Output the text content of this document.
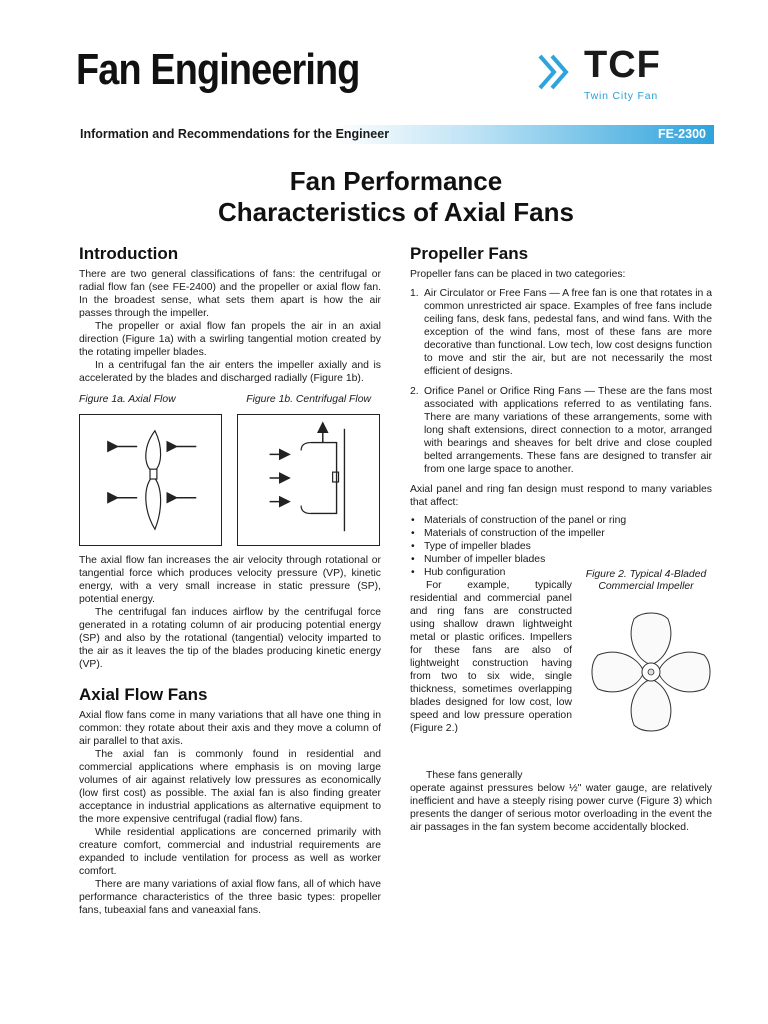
Fan Engineering	TCF
Twin City Fan
Information and Recommendations for the Engineer	FE-2300
Fan Performance
Characteristics of Axial Fans
Introduction

There are two general classifications of fans: the centrifugal or radial flow fan (see FE-2400) and the propeller or axial flow fan. In the broadest sense, what sets them apart is how the air passes through the impeller.

The propeller or axial flow fan propels the air in an axial direction (Figure 1a) with a swirling tangential motion created by the rotating impeller blades.

In a centrifugal fan the air enters the impeller axially and is accelerated by the blades and discharged radially (Figure 1b).

Figure 1a. Axial Flow	Figure 1b. Centrifugal Flow

The axial flow fan increases the air velocity through rotational or tangential force which produces velocity pressure (VP), kinetic energy, with a very small increase in static pressure (SP), potential energy.

The centrifugal fan induces airflow by the centrifugal force generated in a rotating column of air producing potential energy (SP) and also by the rotational (tangential) velocity imparted to the air as it leaves the tip of the blades producing kinetic energy (VP).

Axial Flow Fans

Axial flow fans come in many variations that all have one thing in common: they rotate about their axis and they move a column of air parallel to that axis.

The axial fan is commonly found in residential and commercial applications where emphasis is on moving large volumes of air against relatively low pressures as economically (low first cost) as possible. The axial fan is also finding greater acceptance in industrial applications as alternative equipment to the more expensive centrifugal (radial flow) fans.

While residential applications are concerned primarily with creature comfort, commercial and industrial requirements are expanded to include ventilation for process as well as worker comfort.

There are many variations of axial flow fans, all of which have performance characteristics of the three basic types: propeller fans, tubeaxial fans and vaneaxial fans.

Propeller Fans

Propeller fans can be placed in two categories:

1. Air Circulator or Free Fans — A free fan is one that rotates in a common unrestricted air space. Examples of free fans include ceiling fans, desk fans, pedestal fans, and wind fans. With the exception of the wind fans, most of these fans are more decorative than functional. Low tech, low cost designs function to move and stir the air, but are not necessarily the most efficient of designs.
2. Orifice Panel or Orifice Ring Fans — These are the fans most associated with applications referred to as ventilating fans. There are many variations of these arrangements, some with long shaft extensions, direct connection to a motor, arranged with bearings and sheaves for belt drive and close coupled belted arrangements. These fans are designed to transfer air from one large space to another.

Axial panel and ring fan design must respond to many variables that affect:

• Materials of construction of the panel or ring
• Materials of construction of the impeller
• Type of impeller blades
• Number of impeller blades
• Hub configuration

For example, typically residential and commercial panel and ring fans are constructed using shallow drawn lightweight metal or plastic orifices. Impellers for these fans are also of lightweight construction having from two to six wide, single thickness, sometimes overlapping blades designed for low cost, low speed and low pressure operation (Figure 2.)

Figure 2. Typical 4-Bladed Commercial Impeller

These fans generally

operate against pressures below ½" water gauge, are relatively inefficient and have a steeply rising power curve (Figure 3) which presents the danger of serious motor overloading in the event the air passages in the fan system become accidentally blocked.
